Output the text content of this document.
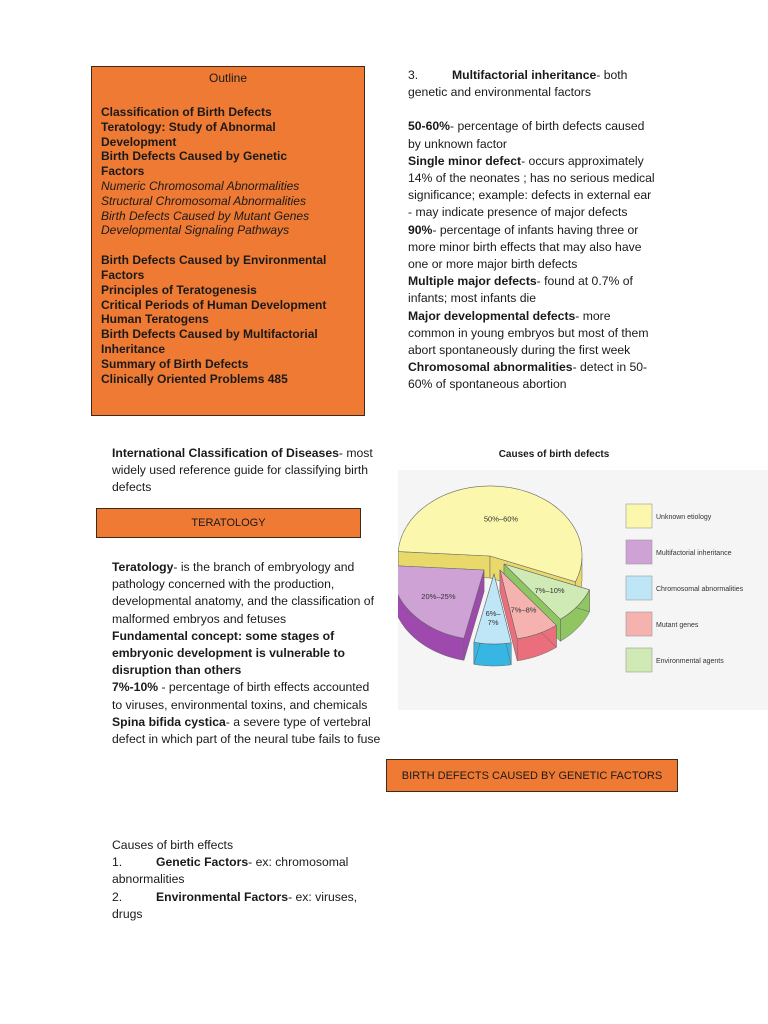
Outline
Classification of Birth Defects
Teratology: Study of Abnormal
Development
Birth Defects Caused by Genetic
Factors
Numeric Chromosomal Abnormalities
Structural Chromosomal Abnormalities
Birth Defects Caused by Mutant Genes
Developmental Signaling Pathways
Birth Defects Caused by Environmental
Factors
Principles of Teratogenesis
Critical Periods of Human Development
Human Teratogens
Birth Defects Caused by Multifactorial
Inheritance
Summary of Birth Defects
Clinically Oriented Problems 485
3.	Multifactorial inheritance- both genetic and environmental factors
50-60%- percentage of birth defects caused by unknown factor
Single minor defect- occurs approximately 14% of the neonates ; has no serious medical significance; example: defects in external ear
- may indicate presence of major defects
90%- percentage of infants having three or more minor birth effects that may also have one or more major birth defects
Multiple major defects- found at 0.7% of infants; most infants die
Major developmental defects- more common in young embryos but most of them abort spontaneously during the first week
Chromosomal abnormalities- detect in 50-60% of spontaneous abortion
International Classification of Diseases- most widely used reference guide for classifying birth defects
TERATOLOGY
Teratology- is the branch of embryology and pathology concerned with the production, developmental anatomy, and the classification of malformed embryos and fetuses
Fundamental concept: some stages of embryonic development is vulnerable to disruption than others
7%-10% - percentage of birth effects accounted to viruses, environmental toxins, and chemicals
Spina bifida cystica- a severe type of vertebral defect in which part of the neural tube fails to fuse
Causes of birth effects
1.	Genetic Factors- ex: chromosomal abnormalities
2.	Environmental Factors- ex: viruses, drugs
Causes of birth defects
50%–60%
7%–10%
7%–8%
6%–
7%
20%–25%
Unknown etiology
Multifactorial inheritance
Chromosomal abnormalities
Mutant genes
Environmental agents
BIRTH DEFECTS CAUSED BY GENETIC FACTORS
